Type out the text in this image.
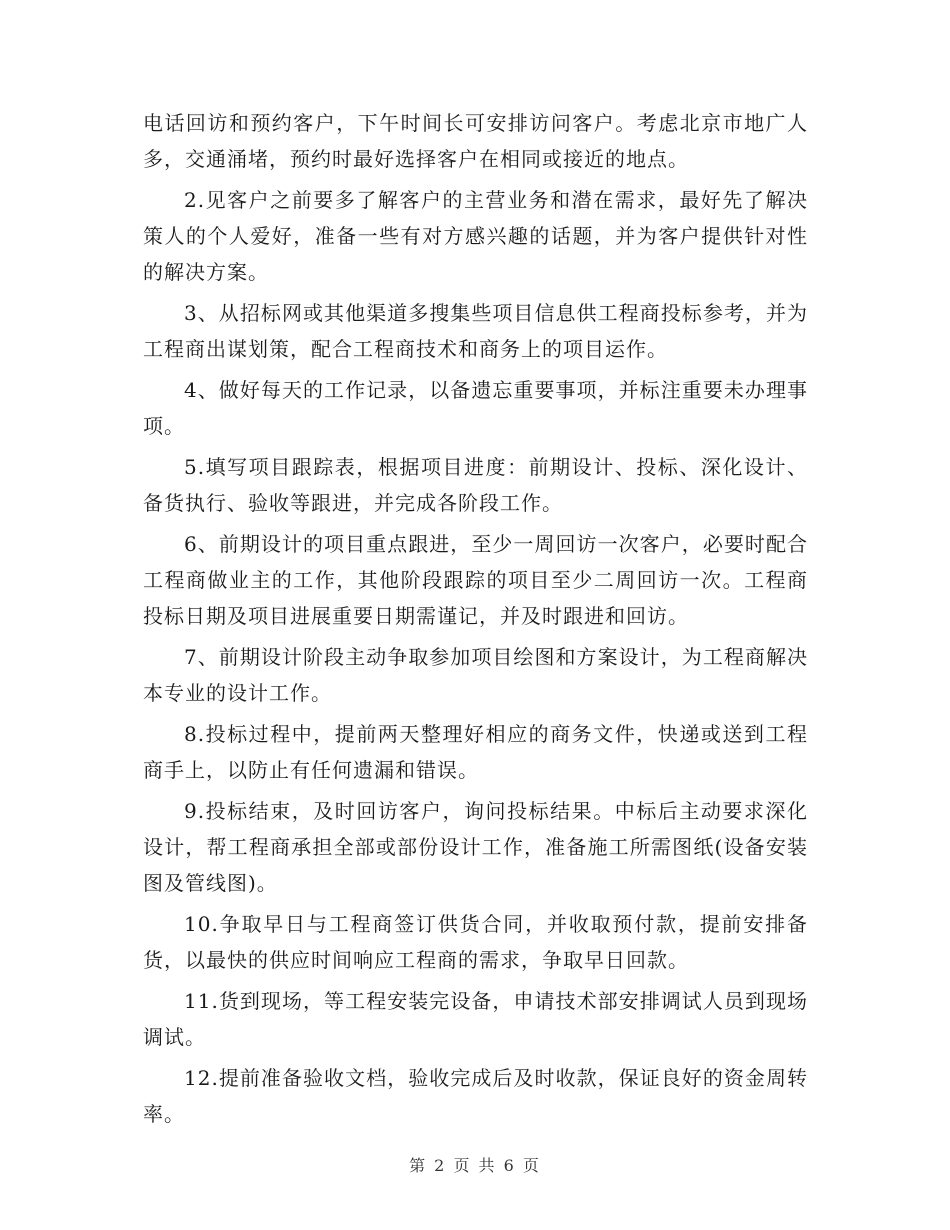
电话回访和预约客户，下午时间长可安排访问客户。考虑北京市地广人多，交通涌堵，预约时最好选择客户在相同或接近的地点。

2.见客户之前要多了解客户的主营业务和潜在需求，最好先了解决策人的个人爱好，准备一些有对方感兴趣的话题，并为客户提供针对性的解决方案。

3、从招标网或其他渠道多搜集些项目信息供工程商投标参考，并为工程商出谋划策，配合工程商技术和商务上的项目运作。

4、做好每天的工作记录，以备遗忘重要事项，并标注重要未办理事项。

5.填写项目跟踪表，根据项目进度：前期设计、投标、深化设计、备货执行、验收等跟进，并完成各阶段工作。

6、前期设计的项目重点跟进，至少一周回访一次客户，必要时配合工程商做业主的工作，其他阶段跟踪的项目至少二周回访一次。工程商投标日期及项目进展重要日期需谨记，并及时跟进和回访。

7、前期设计阶段主动争取参加项目绘图和方案设计，为工程商解决本专业的设计工作。

8.投标过程中，提前两天整理好相应的商务文件，快递或送到工程商手上，以防止有任何遗漏和错误。

9.投标结束，及时回访客户，询问投标结果。中标后主动要求深化设计，帮工程商承担全部或部份设计工作，准备施工所需图纸(设备安装图及管线图)。

10.争取早日与工程商签订供货合同，并收取预付款，提前安排备货，以最快的供应时间响应工程商的需求，争取早日回款。

11.货到现场，等工程安装完设备，申请技术部安排调试人员到现场调试。

12.提前准备验收文档，验收完成后及时收款，保证良好的资金周转率。

第 2 页 共 6 页
